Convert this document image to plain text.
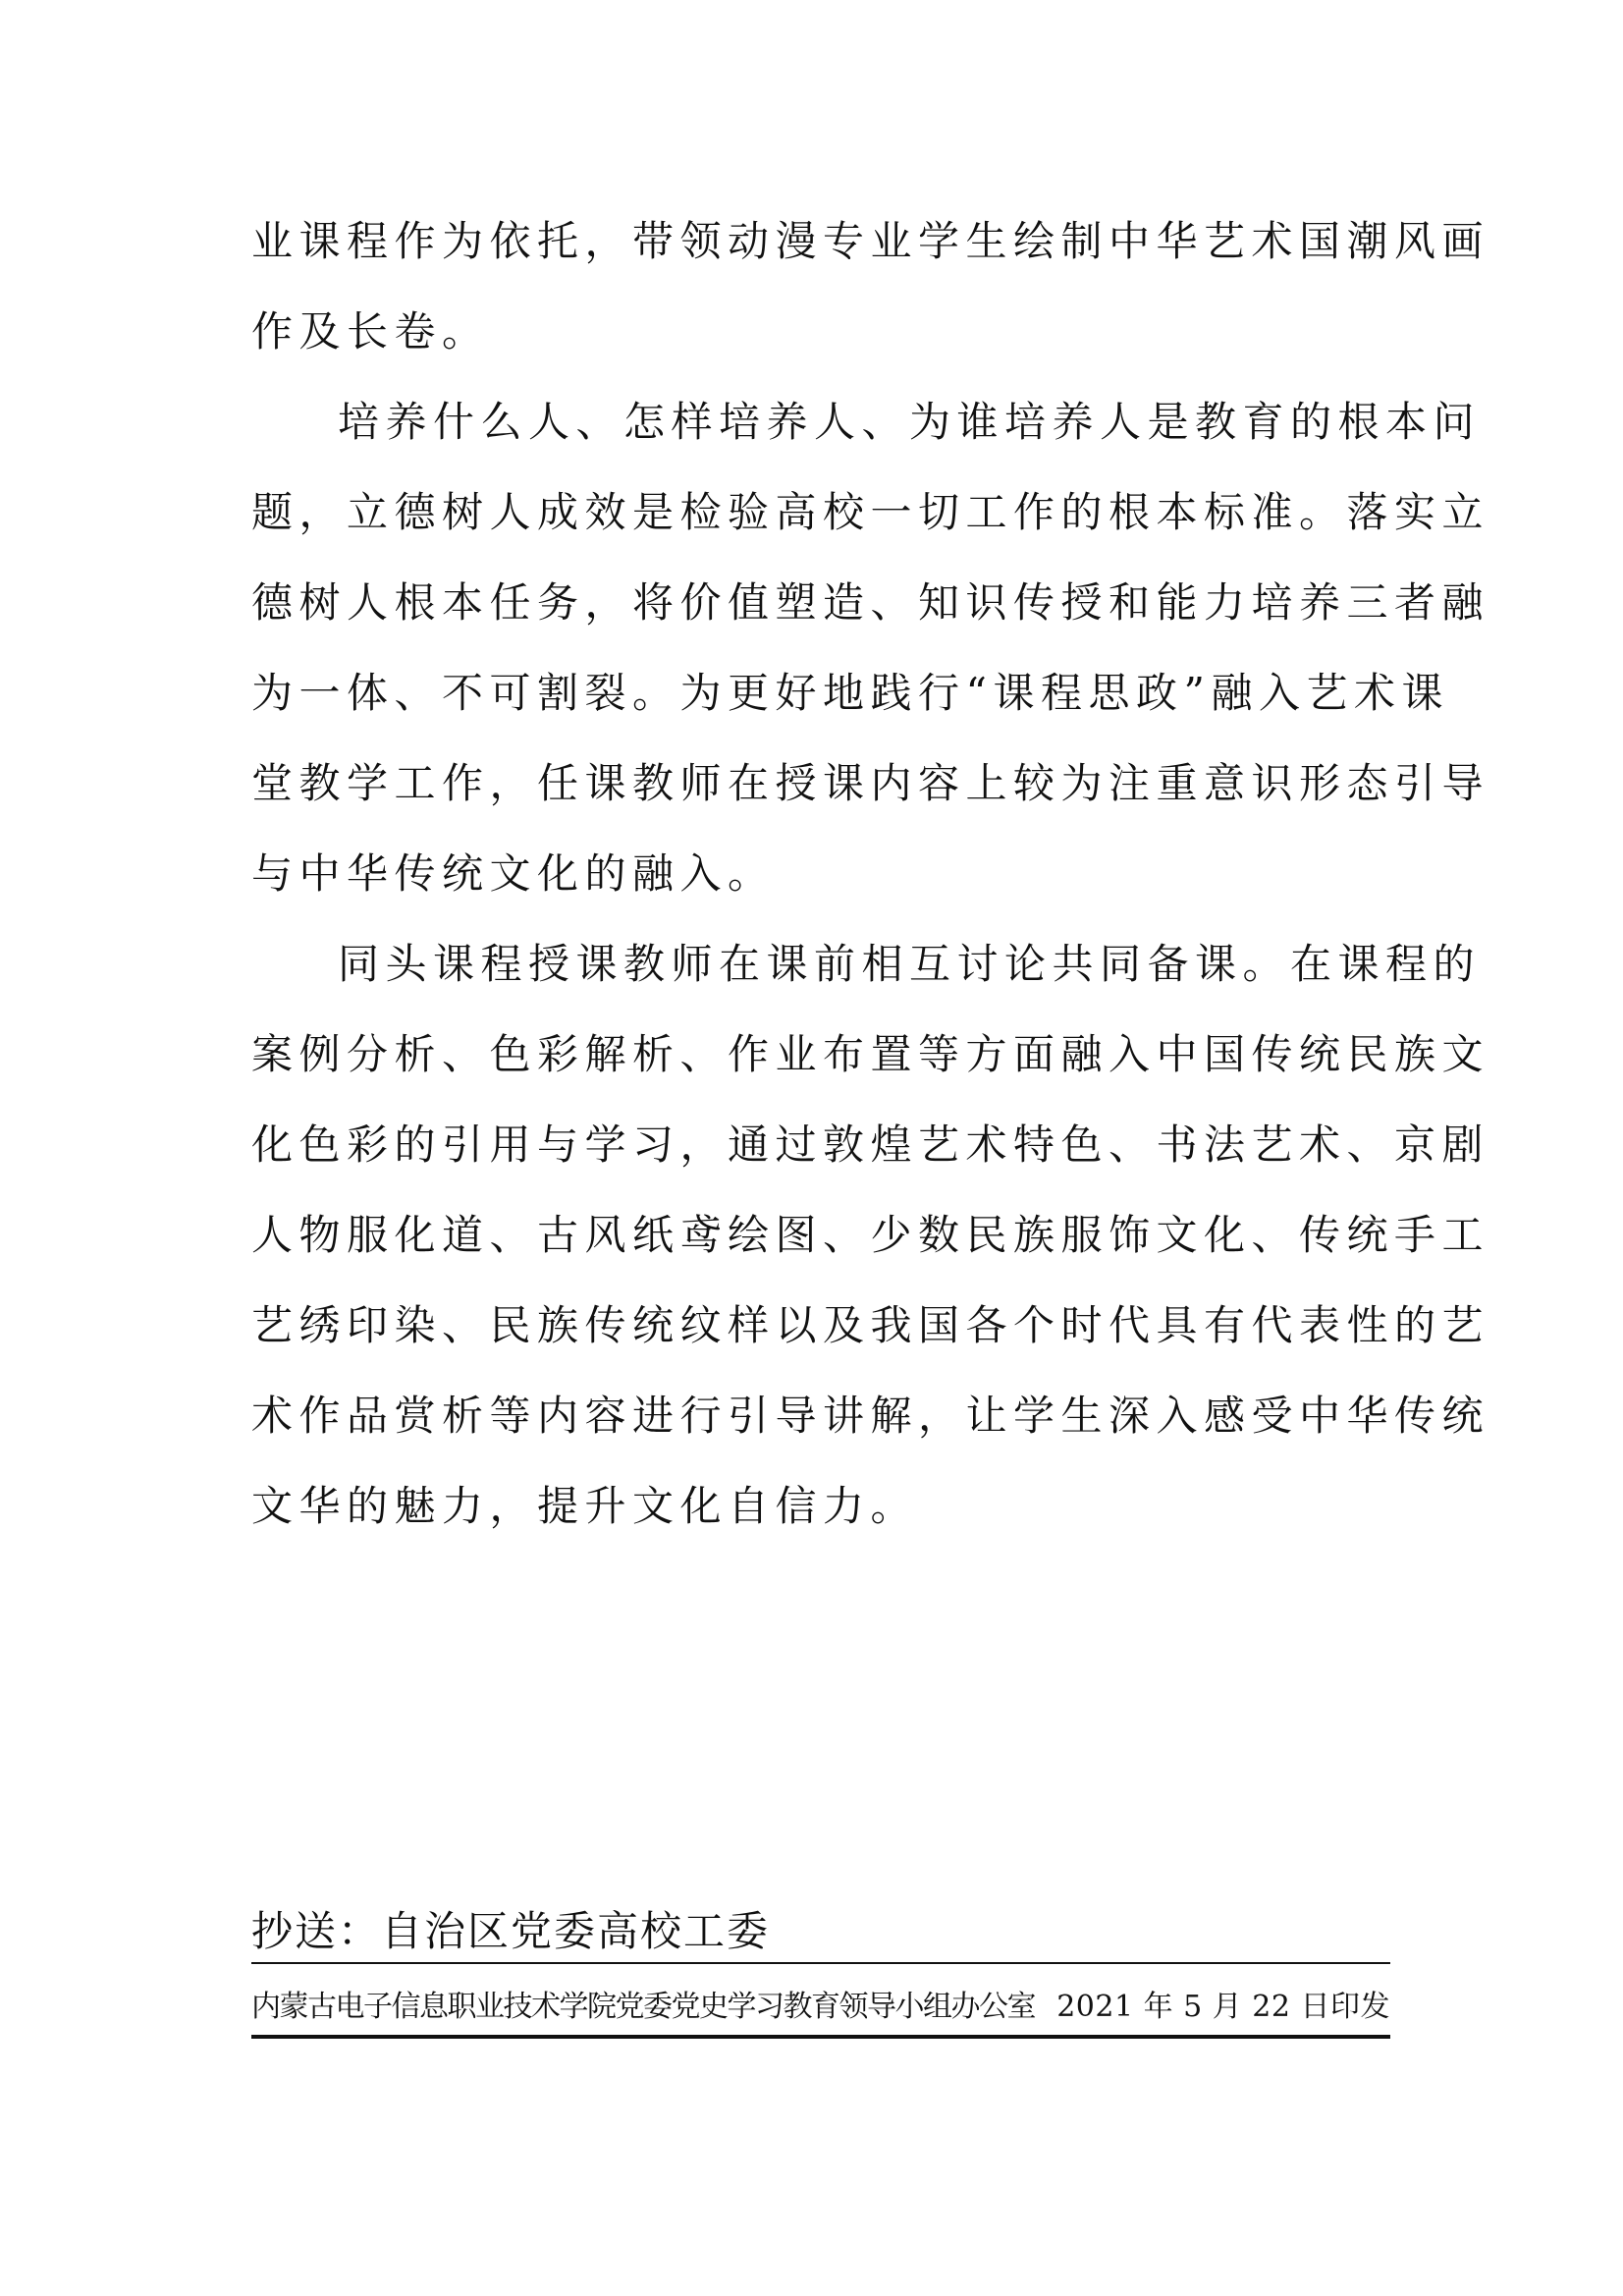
业课程作为依托，带领动漫专业学生绘制中华艺术国潮风画
作及长卷。
培养什么人、怎样培养人、为谁培养人是教育的根本问
题，立德树人成效是检验高校一切工作的根本标准。落实立
德树人根本任务，将价值塑造、知识传授和能力培养三者融
为一体、不可割裂。为更好地践行“课程思政”融入艺术课
堂教学工作，任课教师在授课内容上较为注重意识形态引导
与中华传统文化的融入。
同头课程授课教师在课前相互讨论共同备课。在课程的
案例分析、色彩解析、作业布置等方面融入中国传统民族文
化色彩的引用与学习，通过敦煌艺术特色、书法艺术、京剧
人物服化道、古风纸鸢绘图、少数民族服饰文化、传统手工
艺绣印染、民族传统纹样以及我国各个时代具有代表性的艺
术作品赏析等内容进行引导讲解，让学生深入感受中华传统
文华的魅力，提升文化自信力。
抄送：自治区党委高校工委
内蒙古电子信息职业技术学院党委党史学习教育领导小组办公室 2021 年 5 月 22 日印发
